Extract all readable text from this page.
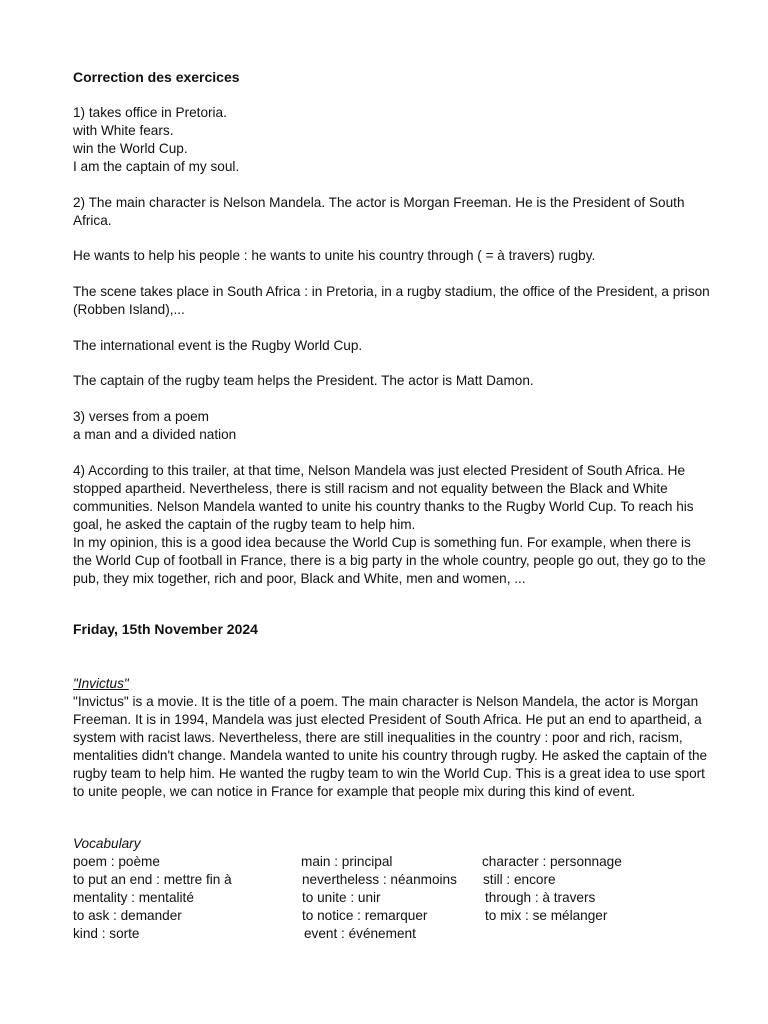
Correction des exercices
1) takes office in Pretoria.
with White fears.
win the World Cup.
I am the captain of my soul.
2) The main character is Nelson Mandela. The actor is Morgan Freeman. He is the President of South Africa.
He wants to help his people : he wants to unite his country through ( = à travers) rugby.
The scene takes place in South Africa : in Pretoria, in a rugby stadium, the office of the President, a prison (Robben Island),...
The international event is the Rugby World Cup.
The captain of the rugby team helps the President. The actor is Matt Damon.
3) verses from a poem
a man and a divided nation
4) According to this trailer, at that time, Nelson Mandela was just elected President of South Africa. He stopped apartheid. Nevertheless, there is still racism and not equality between the Black and White communities. Nelson Mandela wanted to unite his country thanks to the Rugby World Cup. To reach his goal, he asked the captain of the rugby team to help him.
In my opinion, this is a good idea because the World Cup is something fun. For example, when there is the World Cup of football in France, there is a big party in the whole country, people go out, they go to the pub, they mix together, rich and poor, Black and White, men and women, ...
Friday, 15th November 2024
"Invictus"
"Invictus" is a movie. It is the title of a poem. The main character is Nelson Mandela, the actor is Morgan Freeman. It is in 1994, Mandela was just elected President of South Africa. He put an end to apartheid, a system with racist laws. Nevertheless, there are still inequalities in the country : poor and rich, racism, mentalities didn't change. Mandela wanted to unite his country through rugby. He asked the captain of the rugby team to help him. He wanted the rugby team to win the World Cup. This is a great idea to use sport to unite people, we can notice in France for example that people mix during this kind of event.
Vocabulary
poem : poème	main : principal	character : personnage
to put an end : mettre fin à	nevertheless : néanmoins still : encore
mentality : mentalité	to unite : unir	through : à travers
to ask : demander	to notice : remarquer	to mix : se mélanger
kind : sorte	event : événement
